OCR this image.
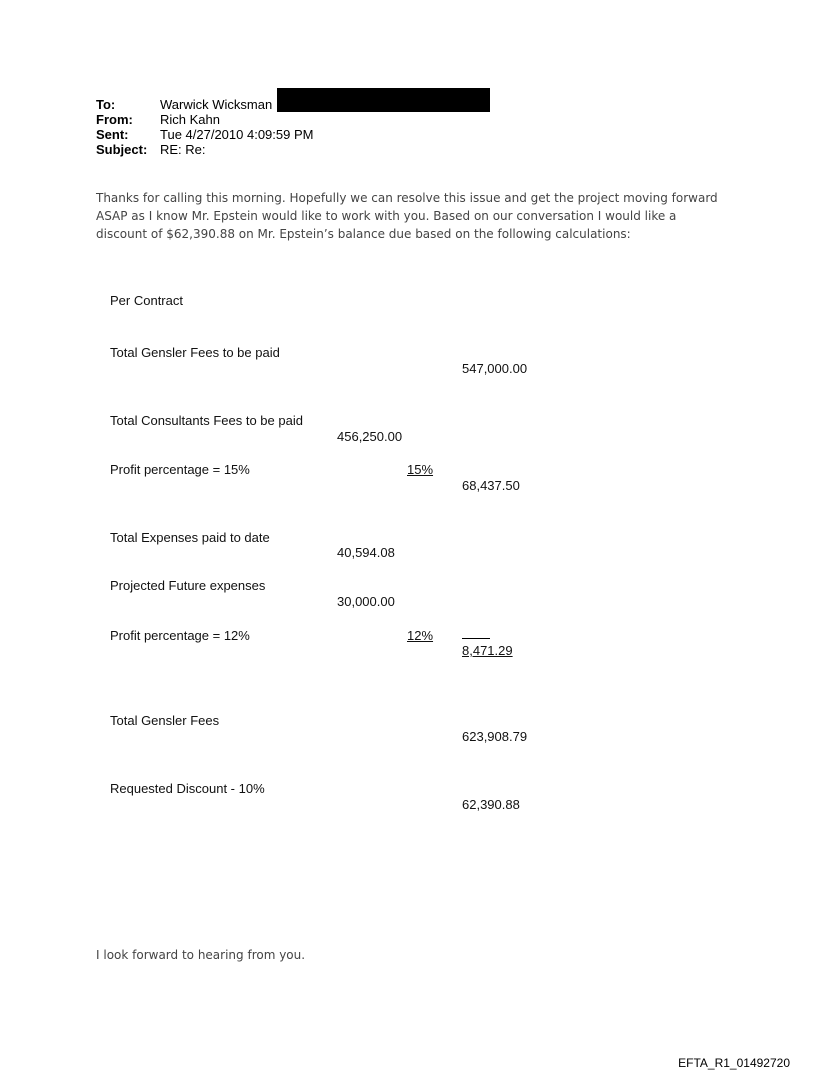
To:	Warwick Wicksman
From: Rich Kahn
Sent: Tue 4/27/2010 4:09:59 PM
Subject: RE: Re:
Thanks for calling this morning. Hopefully we can resolve this issue and get the project moving forward
ASAP as I know Mr. Epstein would like to work with you. Based on our conversation I would like a
discount of $62,390.88 on Mr. Epstein’s balance due based on the following calculations:
Per Contract
Total Gensler Fees to be paid
547,000.00
Total Consultants Fees to be paid
456,250.00
Profit percentage = 15%	15%
68,437.50
Total Expenses paid to date
40,594.08
Projected Future expenses
30,000.00
Profit percentage = 12%	12%
8,471.29
Total Gensler Fees
623,908.79
Requested Discount - 10%
62,390.88
I look forward to hearing from you.
EFTA_R1_01492720
